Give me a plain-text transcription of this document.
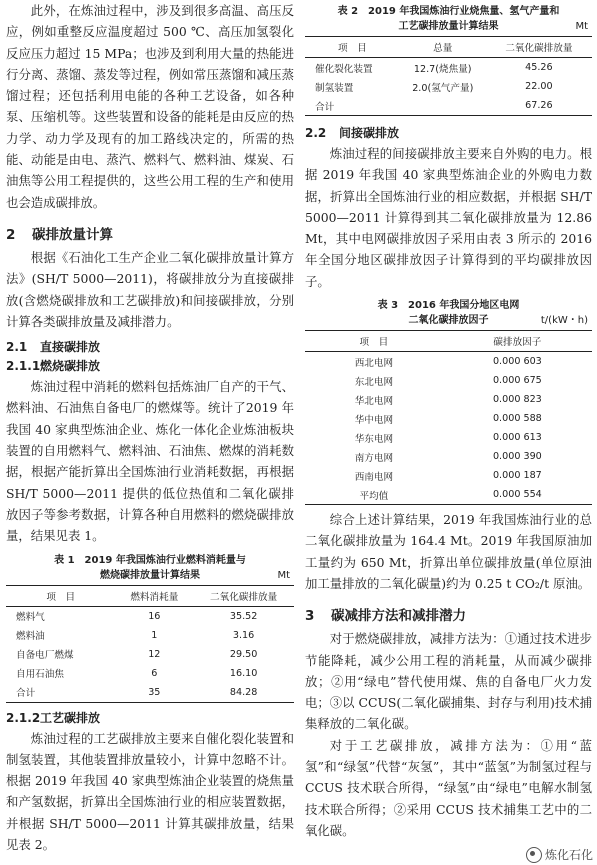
此外，在炼油过程中，涉及到很多高温、高压反应，例如重整反应温度超过 500 ℃、高压加氢裂化反应压力超过 15 MPa；也涉及到利用大量的热能进行分离、蒸馏、蒸发等过程，例如常压蒸馏和减压蒸馏过程；还包括利用电能的各种工艺设备，如各种泵、压缩机等。这些装置和设备的能耗是由反应的热力学、动力学及现有的加工路线决定的，所需的热能、动能是由电、蒸汽、燃料气、燃料油、煤炭、石油焦等公用工程提供的，这些公用工程的生产和使用也会造成碳排放。

2 碳排放量计算

根据《石油化工生产企业二氧化碳排放量计算方法》(SH/T 5000—2011)，将碳排放分为直接碳排放(含燃烧碳排放和工艺碳排放)和间接碳排放，分别计算各类碳排放量及减排潜力。

2.1 直接碳排放
2.1.1燃烧碳排放

炼油过程中消耗的燃料包括炼油厂自产的干气、燃料油、石油焦自备电厂的燃煤等。统计了2019 年我国 40 家典型炼油企业、炼化一体化企业炼油板块装置的自用燃料气、燃料油、石油焦、燃煤的消耗数据，根据产能折算出全国炼油行业消耗数据，再根据 SH/T 5000—2011 提供的低位热值和二氧化碳排放因子等参考数据，计算各种自用燃料的燃烧碳排放量，结果见表 1。

表 1　2019 年我国炼油行业燃料消耗量与
燃烧碳排放量计算结果	Mt
项　目	燃料消耗量	二氧化碳排放量
燃料气	16	35.52
燃料油	1	3.16
自备电厂燃煤	12	29.50
自用石油焦	6	16.10
合计	35	84.28
2.1.2工艺碳排放

炼油过程的工艺碳排放主要来自催化裂化装置和制氢装置，其他装置排放量较小，计算中忽略不计。根据 2019 年我国 40 家典型炼油企业装置的烧焦量和产氢数据，折算出全国炼油行业的相应装置数据，并根据 SH/T 5000—2011 计算其碳排放量，结果见表 2。

表 2　2019 年我国炼油行业烧焦量、氢气产量和
工艺碳排放量计算结果	Mt
项　目	总量	二氧化碳排放量
催化裂化装置	12.7(烧焦量)	45.26
制氢装置	2.0(氢气产量)	22.00
合计		67.26
2.2 间接碳排放

炼油过程的间接碳排放主要来自外购的电力。根据 2019 年我国 40 家典型炼油企业的外购电力数据，折算出全国炼油行业的相应数据，并根据 SH/T 5000—2011 计算得到其二氧化碳排放量为 12.86 Mt，其中电网碳排放因子采用由表 3 所示的 2016 年全国分地区碳排放因子计算得到的平均碳排放因子。

表 3　2016 年我国分地区电网
二氧化碳排放因子	t/(kW・h)
项　目	碳排放因子
西北电网	0.000 603
东北电网	0.000 675
华北电网	0.000 823
华中电网	0.000 588
华东电网	0.000 613
南方电网	0.000 390
西南电网	0.000 187
平均值	0.000 554

综合上述计算结果，2019 年我国炼油行业的总二氧化碳排放量为 164.4 Mt。2019 年我国原油加工量约为 650 Mt，折算出单位碳排放量(单位原油加工量排放的二氧化碳量)约为 0.25 t CO₂/t 原油。

3 碳减排方法和减排潜力

对于燃烧碳排放，减排方法为：①通过技术进步节能降耗，减少公用工程的消耗量，从而减少碳排放；②用“绿电”替代使用煤、焦的自备电厂火力发电；③以 CCUS(二氧化碳捕集、封存与利用)技术捕集释放的二氧化碳。

对于工艺碳排放，减排方法为：①用“蓝氢”和“绿氢”代替“灰氢”，其中“蓝氢”为制氢过程与 CCUS 技术联合所得，“绿氢”由“绿电”电解水制氢技术联合所得；②采用 CCUS 技术捕集工艺中的二氧化碳。

炼化石化
